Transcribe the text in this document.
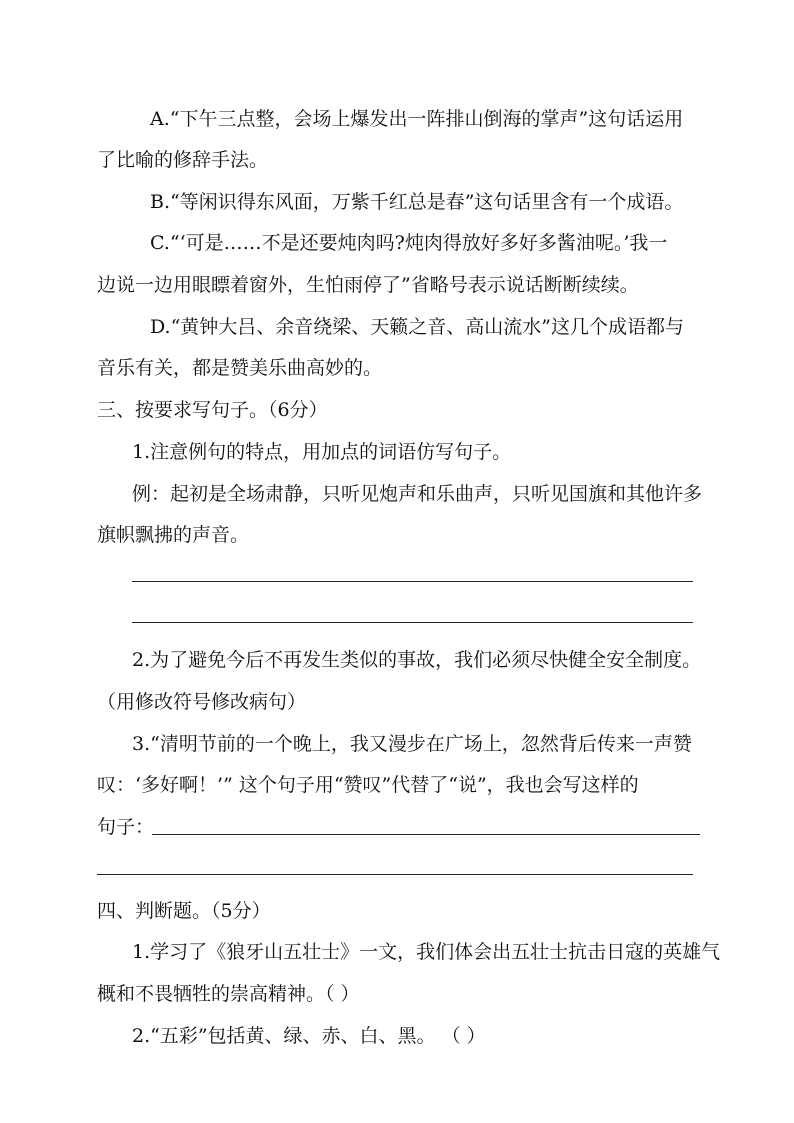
A.“下午三点整，会场上爆发出一阵排山倒海的掌声”这句话运用
了比喻的修辞手法。
B.“等闲识得东风面，万紫千红总是春”这句话里含有一个成语。
C.“‘可是……不是还要炖肉吗?炖肉得放好多好多酱油呢。’我一
边说一边用眼瞟着窗外，生怕雨停了”省略号表示说话断断续续。
D.“黄钟大吕、余音绕梁、天籁之音、高山流水”这几个成语都与
音乐有关，都是赞美乐曲高妙的。
三、按要求写句子。（6分）
1.注意例句的特点，用加点的词语仿写句子。
例：起初是全场肃静，只听见炮声和乐曲声，只听见国旗和其他许多
旗帜飘拂的声音。
2.为了避免今后不再发生类似的事故，我们必须尽快健全安全制度。
（用修改符号修改病句）
3.“清明节前的一个晚上，我又漫步在广场上，忽然背后传来一声赞
叹：‘多好啊！’” 这个句子用“赞叹”代替了“说”，我也会写这样的
句子：
四、判断题。（5分）
1.学习了《狼牙山五壮士》一文，我们体会出五壮士抗击日寇的英雄气
概和不畏牺牲的崇高精神。（ ）
2.“五彩”包括黄、绿、赤、白、黑。 （ ）
